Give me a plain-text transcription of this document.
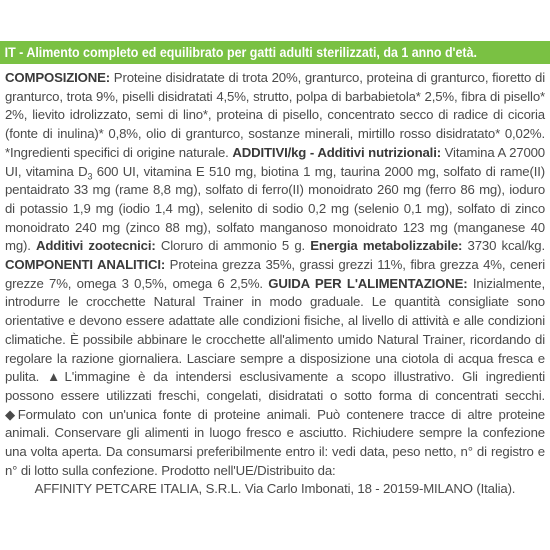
IT - Alimento completo ed equilibrato per gatti adulti sterilizzati, da 1 anno d'età.
COMPOSIZIONE: Proteine disidratate di trota 20%, granturco, proteina di granturco, fioretto di granturco, trota 9%, piselli disidratati 4,5%, strutto, polpa di barbabietola* 2,5%, fibra di pisello* 2%, lievito idrolizzato, semi di lino*, proteina di pisello, concentrato secco di radice di cicoria (fonte di inulina)* 0,8%, olio di granturco, sostanze minerali, mirtillo rosso disidratato* 0,02%. *Ingredienti specifici di origine naturale. ADDITIVI/kg - Additivi nutrizionali: Vitamina A 27000 UI, vitamina $D_3$ 600 UI, vitamina E 510 mg, biotina 1 mg, taurina 2000 mg, solfato di rame(II) pentaidrato 33 mg (rame 8,8 mg), solfato di ferro(II) monoidrato 260 mg (ferro 86 mg), ioduro di potassio 1,9 mg (iodio 1,4 mg), selenito di sodio 0,2 mg (selenio 0,1 mg), solfato di zinco monoidrato 240 mg (zinco 88 mg), solfato manganoso monoidrato 123 mg (manganese 40 mg). Additivi zootecnici: Cloruro di ammonio 5 g. Energia metabolizzabile: 3730 kcal/kg. COMPONENTI ANALITICI: Proteina grezza 35%, grassi grezzi 11%, fibra grezza 4%, ceneri grezze 7%, omega 3 0,5%, omega 6 2,5%. GUIDA PER L'ALIMENTAZIONE: Inizialmente, introdurre le crocchette Natural Trainer in modo graduale. Le quantità consigliate sono orientative e devono essere adattate alle condizioni fisiche, al livello di attività e alle condizioni climatiche. È possibile abbinare le crocchette all'alimento umido Natural Trainer, ricordando di regolare la razione giornaliera. Lasciare sempre a disposizione una ciotola di acqua fresca e pulita. ▲L'immagine è da intendersi esclusivamente a scopo illustrativo. Gli ingredienti possono essere utilizzati freschi, congelati, disidratati o sotto forma di concentrati secchi. ◆Formulato con un'unica fonte di proteine animali. Può contenere tracce di altre proteine animali. Conservare gli alimenti in luogo fresco e asciutto. Richiudere sempre la confezione una volta aperta. Da consumarsi preferibilmente entro il: vedi data, peso netto, n° di registro e n° di lotto sulla confezione. Prodotto nell'UE/Distribuito da:
AFFINITY PETCARE ITALIA, S.R.L. Via Carlo Imbonati, 18 - 20159-MILANO (Italia).
